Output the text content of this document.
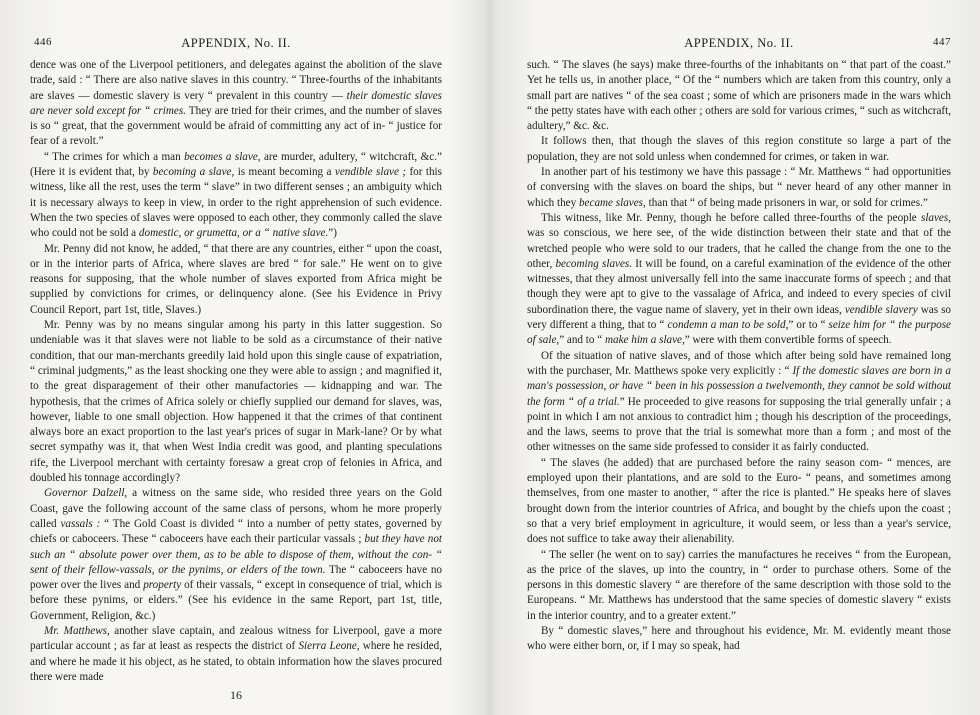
446	APPENDIX, No. II.

dence was one of the Liverpool petitioners, and delegates against the abolition of the slave trade, said : “ There are also native slaves in this country. “ Three-fourths of the inhabitants are slaves — domestic slavery is very “ prevalent in this country — their domestic slaves are never sold except for “ crimes. They are tried for their crimes, and the number of slaves is so “ great, that the government would be afraid of committing any act of in- “ justice for fear of a revolt.”

“ The crimes for which a man becomes a slave, are murder, adultery, “ witchcraft, &c.” (Here it is evident that, by becoming a slave, is meant becoming a vendible slave ; for this witness, like all the rest, uses the term “ slave” in two different senses ; an ambiguity which it is necessary always to keep in view, in order to the right apprehension of such evidence. When the two species of slaves were opposed to each other, they commonly called the slave who could not be sold a domestic, or grumetta, or a “ native slave.”)

Mr. Penny did not know, he added, “ that there are any countries, either “ upon the coast, or in the interior parts of Africa, where slaves are bred “ for sale.” He went on to give reasons for supposing, that the whole number of slaves exported from Africa might be supplied by convictions for crimes, or delinquency alone. (See his Evidence in Privy Council Report, part 1st, title, Slaves.)

Mr. Penny was by no means singular among his party in this latter suggestion. So undeniable was it that slaves were not liable to be sold as a circumstance of their native condition, that our man-merchants greedily laid hold upon this single cause of expatriation, “ criminal judgments,” as the least shocking one they were able to assign ; and magnified it, to the great disparagement of their other manufactories — kidnapping and war. The hypothesis, that the crimes of Africa solely or chiefly supplied our demand for slaves, was, however, liable to one small objection. How happened it that the crimes of that continent always bore an exact proportion to the last year's prices of sugar in Mark-lane? Or by what secret sympathy was it, that when West India credit was good, and planting speculations rife, the Liverpool merchant with certainty foresaw a great crop of felonies in Africa, and doubled his tonnage accordingly?

Governor Dalzell, a witness on the same side, who resided three years on the Gold Coast, gave the following account of the same class of persons, whom he more properly called vassals : “ The Gold Coast is divided “ into a number of petty states, governed by chiefs or caboceers. These “ caboceers have each their particular vassals ; but they have not such an “ absolute power over them, as to be able to dispose of them, without the con- “ sent of their fellow-vassals, or the pynims, or elders of the town. The “ caboceers have no power over the lives and property of their vassals, “ except in consequence of trial, which is before these pynims, or elders.” (See his evidence in the same Report, part 1st, title, Government, Religion, &c.)

Mr. Matthews, another slave captain, and zealous witness for Liverpool, gave a more particular account ; as far at least as respects the district of Sierra Leone, where he resided, and where he made it his object, as he stated, to obtain information how the slaves procured there were made

16
APPENDIX, No. II.	447

such. “ The slaves (he says) make three-fourths of the inhabitants on “ that part of the coast.” Yet he tells us, in another place, “ Of the “ numbers which are taken from this country, only a small part are natives “ of the sea coast ; some of which are prisoners made in the wars which “ the petty states have with each other ; others are sold for various crimes, “ such as witchcraft, adultery,” &c. &c.

It follows then, that though the slaves of this region constitute so large a part of the population, they are not sold unless when condemned for crimes, or taken in war.

In another part of his testimony we have this passage : “ Mr. Matthews “ had opportunities of conversing with the slaves on board the ships, but “ never heard of any other manner in which they became slaves, than that “ of being made prisoners in war, or sold for crimes.”

This witness, like Mr. Penny, though he before called three-fourths of the people slaves, was so conscious, we here see, of the wide distinction between their state and that of the wretched people who were sold to our traders, that he called the change from the one to the other, becoming slaves. It will be found, on a careful examination of the evidence of the other witnesses, that they almost universally fell into the same inaccurate forms of speech ; and that though they were apt to give to the vassalage of Africa, and indeed to every species of civil subordination there, the vague name of slavery, yet in their own ideas, vendible slavery was so very different a thing, that to “ condemn a man to be sold,” or to “ seize him for “ the purpose of sale,” and to “ make him a slave,” were with them convertible forms of speech.

Of the situation of native slaves, and of those which after being sold have remained long with the purchaser, Mr. Matthews spoke very explicitly : “ If the domestic slaves are born in a man's possession, or have “ been in his possession a twelvemonth, they cannot be sold without the form “ of a trial.” He proceeded to give reasons for supposing the trial generally unfair ; a point in which I am not anxious to contradict him ; though his description of the proceedings, and the laws, seems to prove that the trial is somewhat more than a form ; and most of the other witnesses on the same side professed to consider it as fairly conducted.

“ The slaves (he added) that are purchased before the rainy season com- “ mences, are employed upon their plantations, and are sold to the Euro- “ peans, and sometimes among themselves, from one master to another, “ after the rice is planted.” He speaks here of slaves brought down from the interior countries of Africa, and bought by the chiefs upon the coast ; so that a very brief employment in agriculture, it would seem, or less than a year's service, does not suffice to take away their alienability.

“ The seller (he went on to say) carries the manufactures he receives “ from the European, as the price of the slaves, up into the country, in “ order to purchase others. Some of the persons in this domestic slavery “ are therefore of the same description with those sold to the Europeans. “ Mr. Matthews has understood that the same species of domestic slavery “ exists in the interior country, and to a greater extent.”

By “ domestic slaves,” here and throughout his evidence, Mr. M. evidently meant those who were either born, or, if I may so speak, had
